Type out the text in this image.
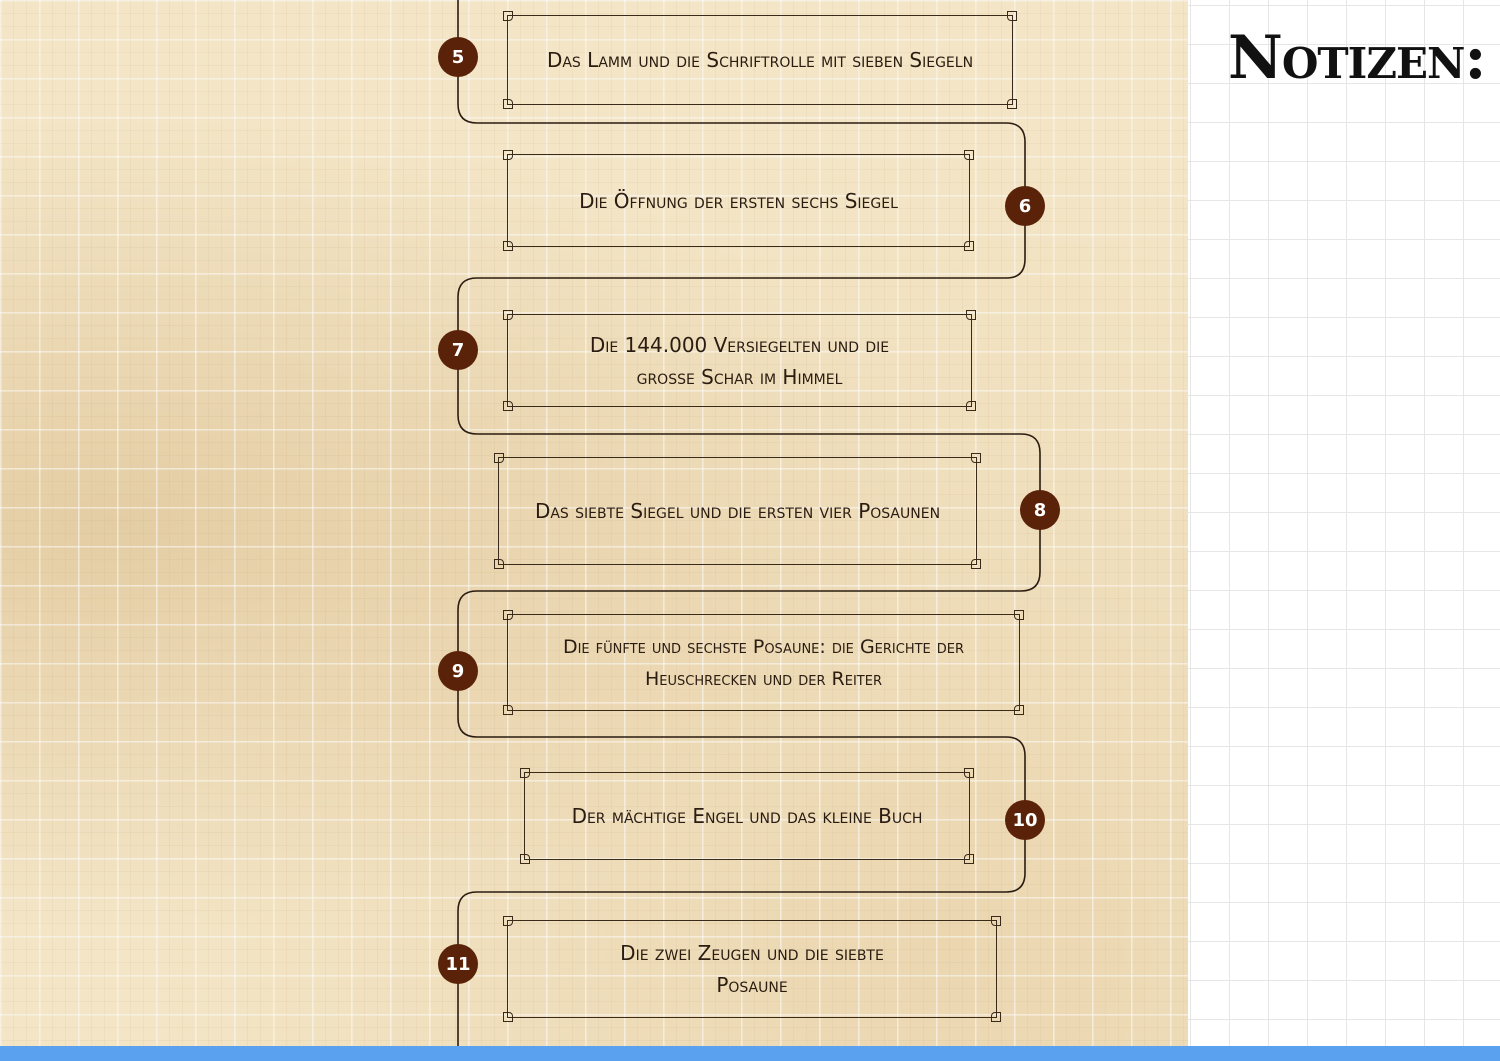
Notizen:
Das Lamm und die Schriftrolle mit sieben Siegeln
5
Die Öffnung der ersten sechs Siegel	6
Die 144.000 Versiegelten und die grosse Schar im Himmel
7
Das siebte Siegel und die ersten vier Posaunen	8
Die fünfte und sechste Posaune: die Gerichte der Heuschrecken und der Reiter
9
Der mächtige Engel und das kleine Buch	10
Die zwei Zeugen und die siebte Posaune
11
